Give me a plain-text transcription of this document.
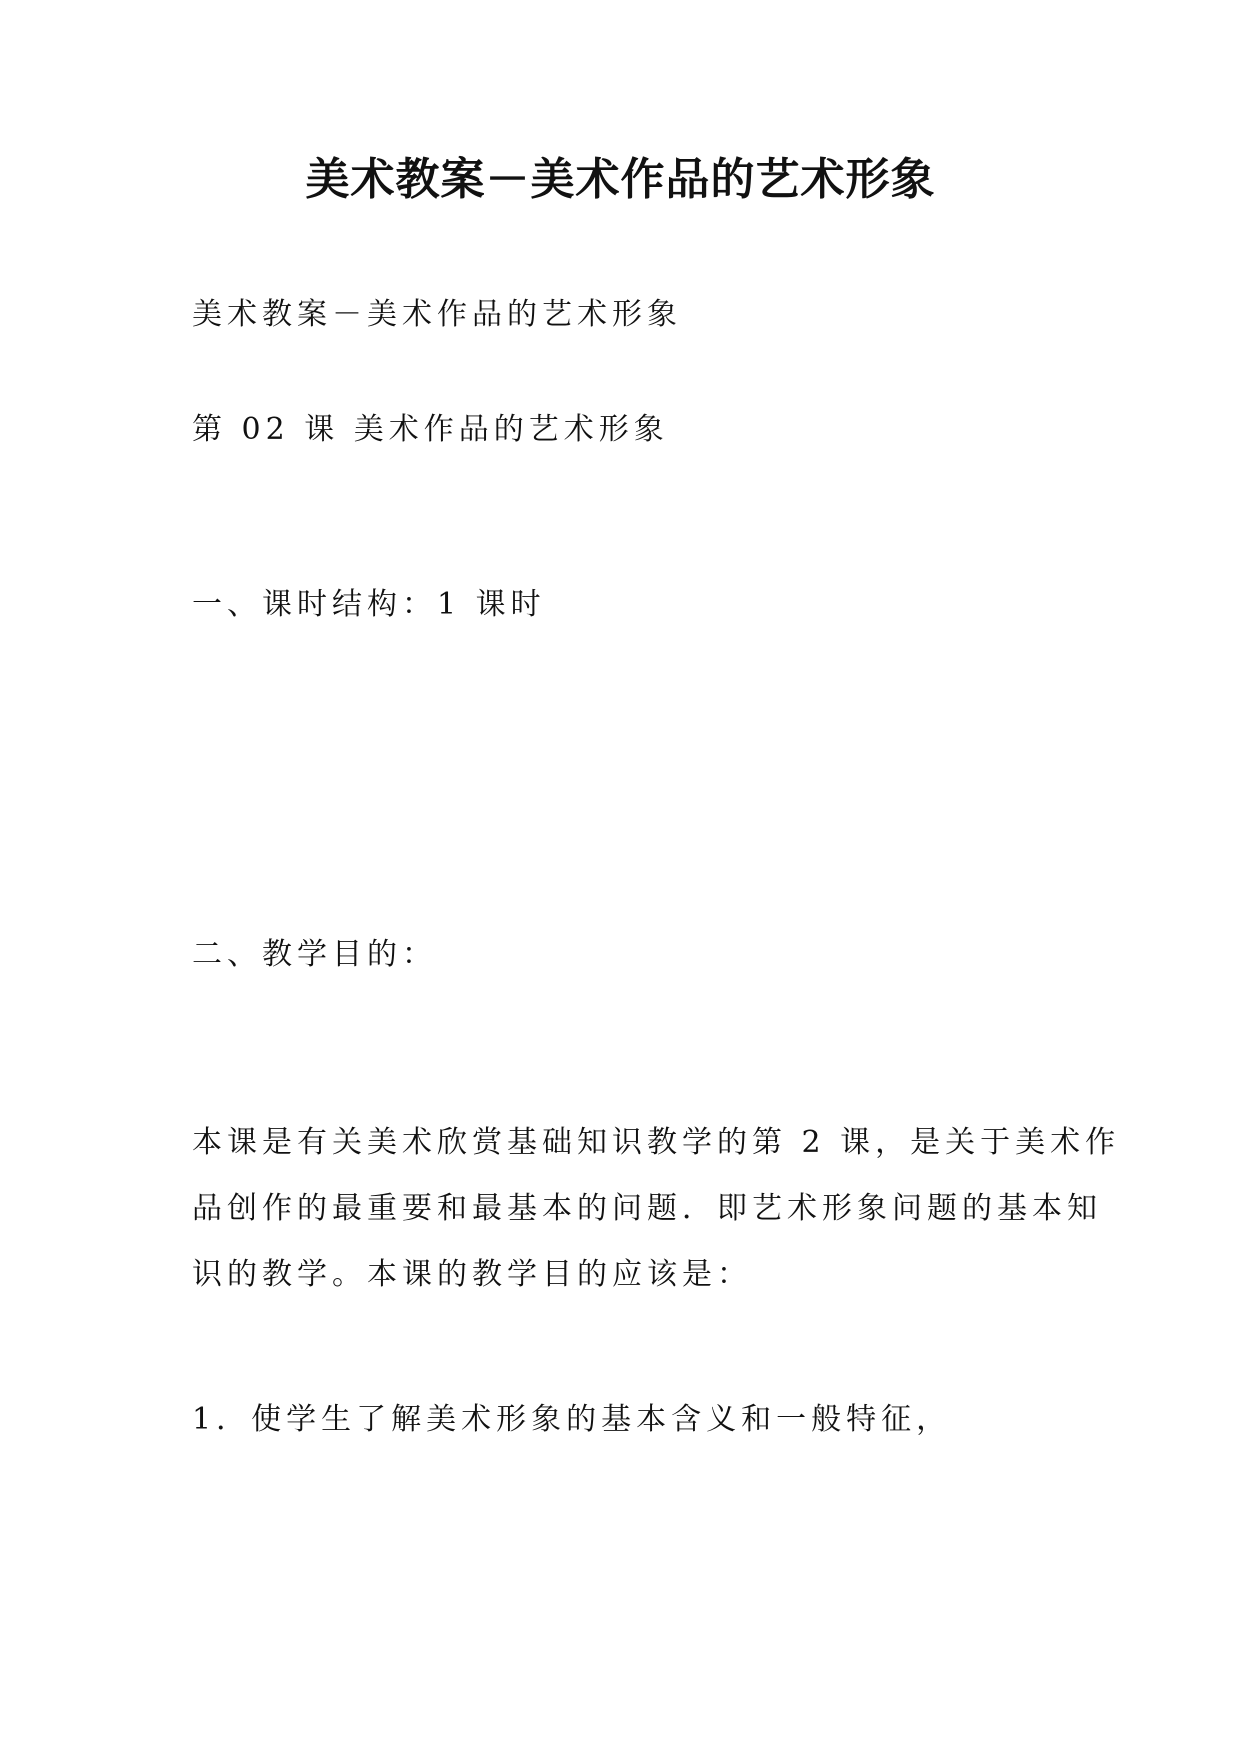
美术教案－美术作品的艺术形象
美术教案－美术作品的艺术形象
第 02 课 美术作品的艺术形象
一、课时结构：1 课时
二、教学目的：
本课是有关美术欣赏基础知识教学的第 2 课，是关于美术作
品创作的最重要和最基本的问题．即艺术形象问题的基本知
识的教学。本课的教学目的应该是：
1．使学生了解美术形象的基本含义和一般特征，
